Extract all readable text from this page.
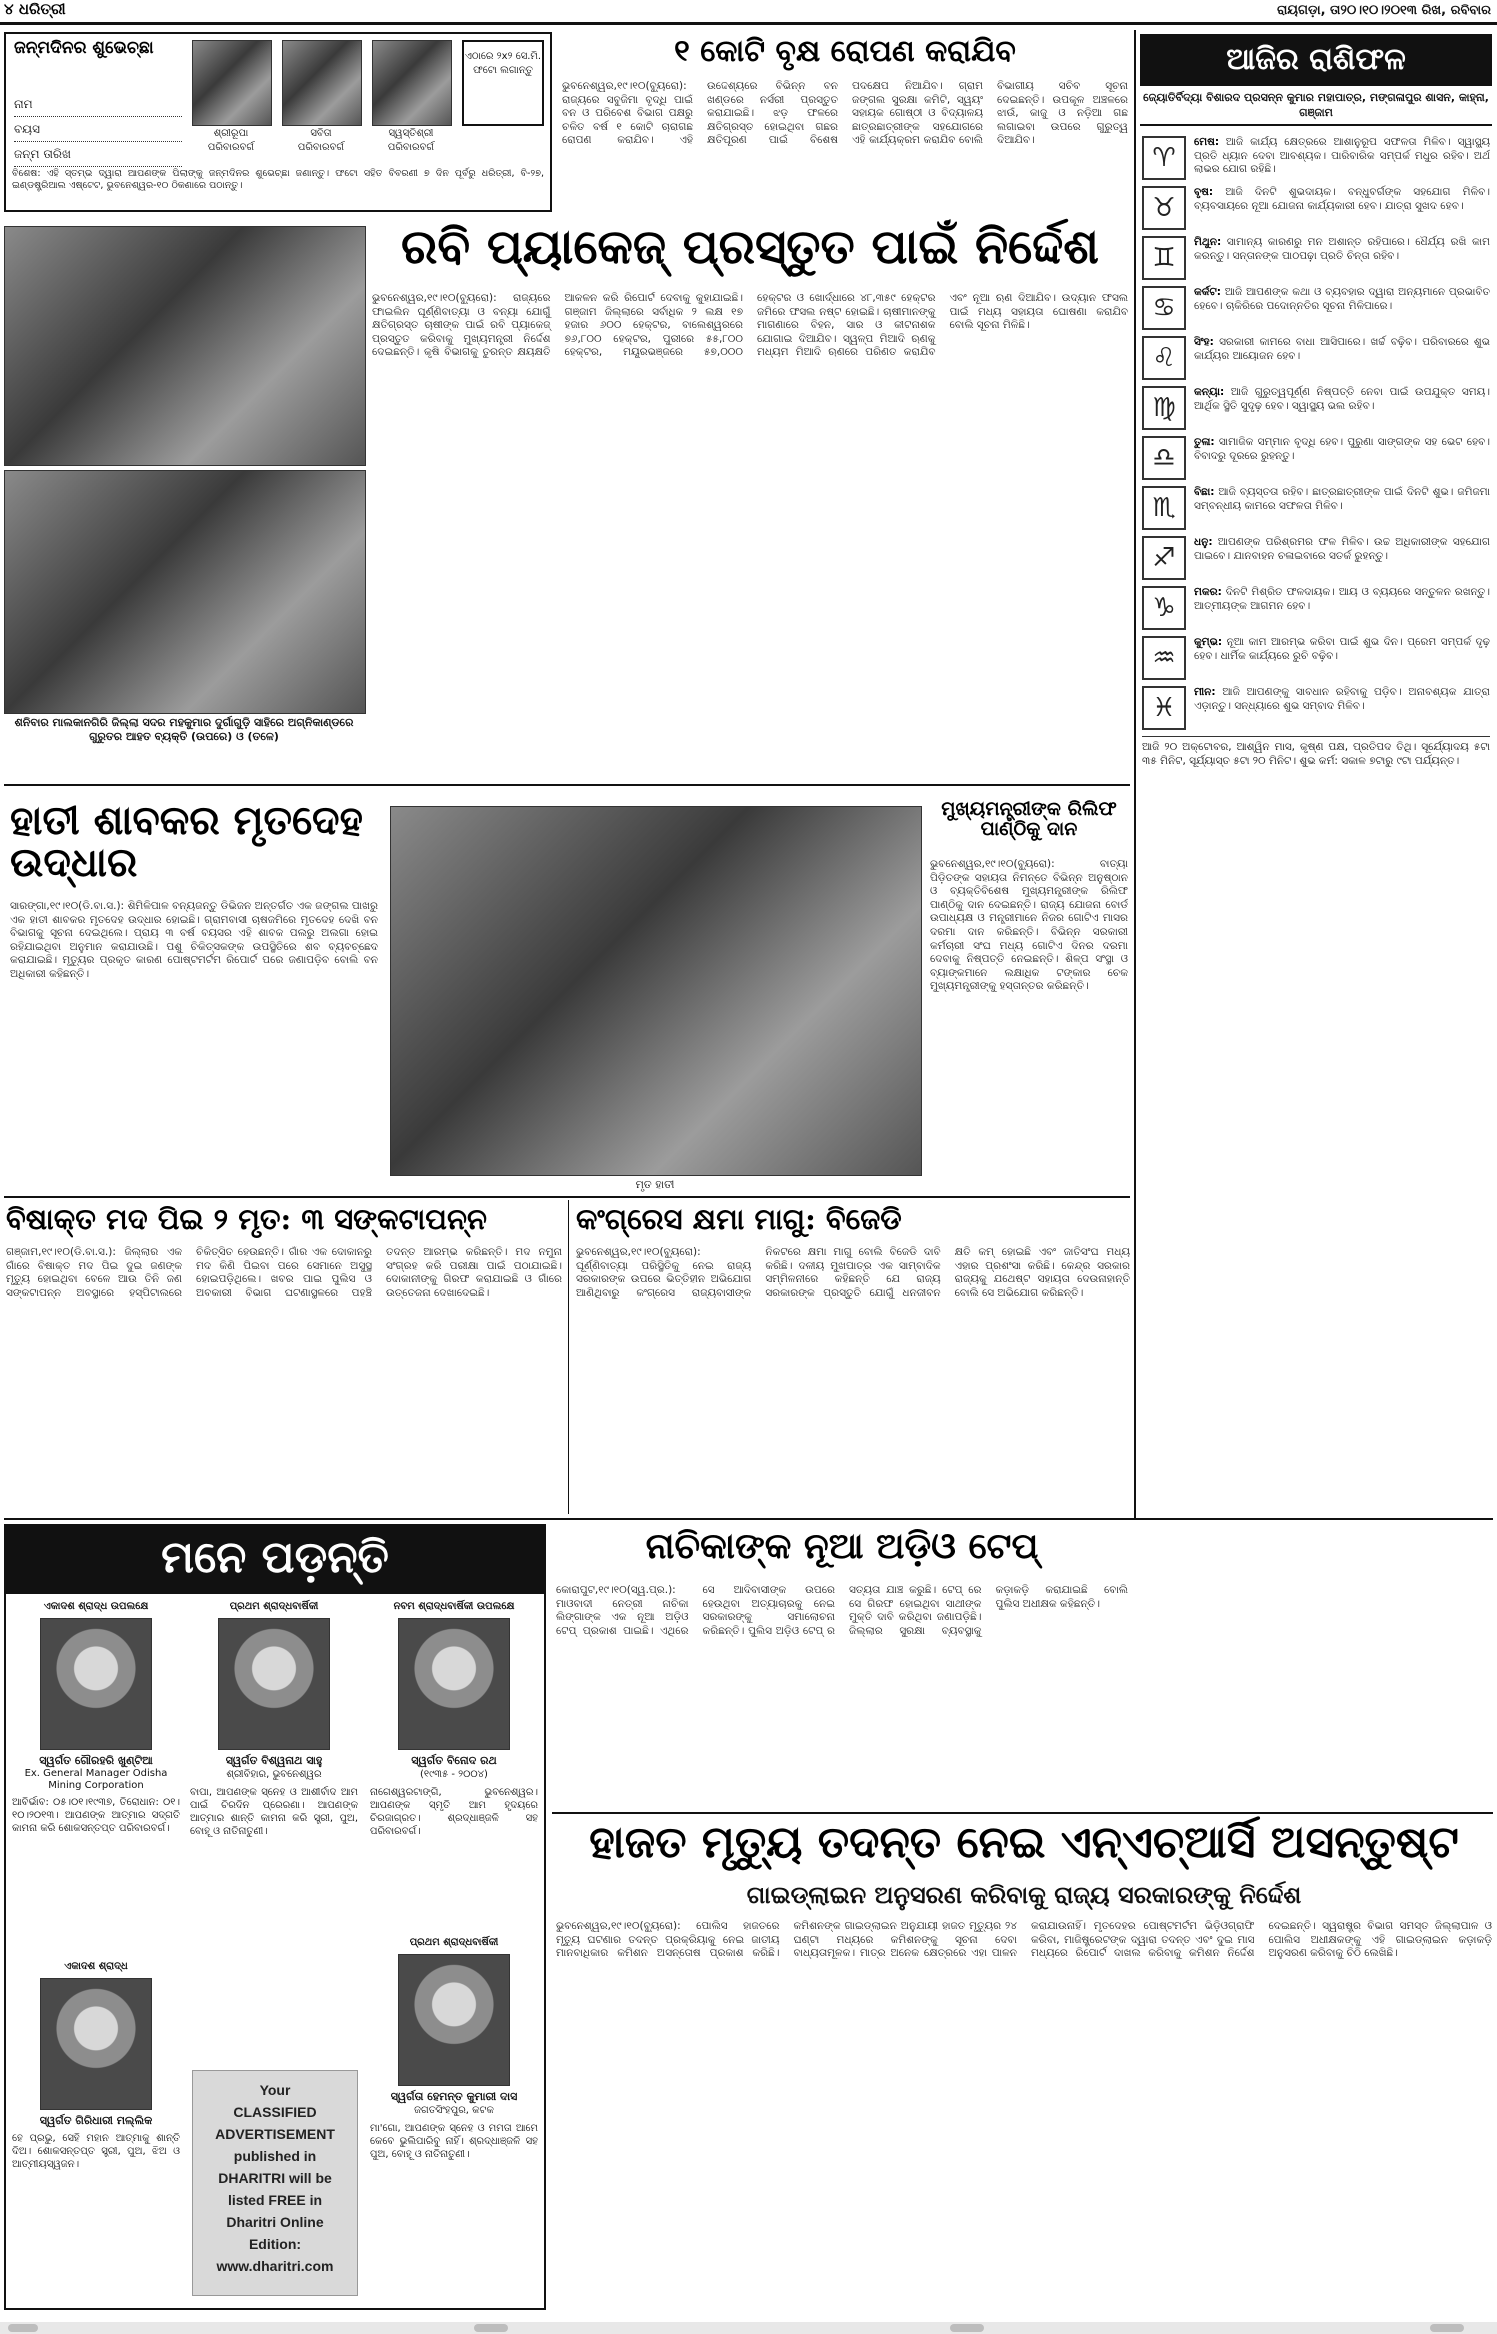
୪ ଧରିତ୍ରୀ	ରାୟଗଡ଼ା, ତା୨୦।୧୦।୨୦୧୩ ରିଖ, ରବିବାର
ଜନ୍ମଦିନର ଶୁଭେଚ୍ଛା
ନାମ
ବୟସ
ଜନ୍ମ ତାରିଖ
ଶ୍ରୀରୂପା
ପରିବାରବର୍ଗ
ସବିତା
ପରିବାରବର୍ଗ
ସ୍ୱସ୍ତିଶ୍ରୀ
ପରିବାରବର୍ଗ
ଏଠାରେ ୨x୨ ସେ.ମି. ଫଟୋ ଲଗାନ୍ତୁ
ବିଶେଷ: ଏହି ସ୍ତମ୍ଭ ଦ୍ୱାରା ଆପଣଙ୍କ ପିଲାଙ୍କୁ ଜନ୍ମଦିନର ଶୁଭେଚ୍ଛା ଜଣାନ୍ତୁ। ଫଟୋ ସହିତ ବିବରଣୀ ୭ ଦିନ ପୂର୍ବରୁ ଧରିତ୍ରୀ, ବି-୨୭, ଇଣ୍ଡଷ୍ଟ୍ରିଆଲ ଏଷ୍ଟେଟ, ଭୁବନେଶ୍ୱର-୧୦ ଠିକଣାରେ ପଠାନ୍ତୁ।
୧ କୋଟି ବୃକ୍ଷ ରୋପଣ କରାଯିବ
ଭୁବନେଶ୍ୱର,୧୯।୧୦(ବ୍ୟୁରୋ): ରାଜ୍ୟରେ ସବୁଜିମା ବୃଦ୍ଧି ପାଇଁ ବନ ଓ ପରିବେଶ ବିଭାଗ ପକ୍ଷରୁ ଚଳିତ ବର୍ଷ ୧ କୋଟି ଚାରାଗଛ ରୋପଣ କରାଯିବ। ଏହି ଉଦ୍ଦେଶ୍ୟରେ ବିଭିନ୍ନ ବନ ଖଣ୍ଡରେ ନର୍ସରୀ ପ୍ରସ୍ତୁତ କରାଯାଇଛି। ଝଡ଼ ଫଳରେ କ୍ଷତିଗ୍ରସ୍ତ ହୋଇଥିବା ଗଛର କ୍ଷତିପୂରଣ ପାଇଁ ବିଶେଷ ପଦକ୍ଷେପ ନିଆଯିବ। ଗ୍ରାମ ଜଙ୍ଗଲ ସୁରକ୍ଷା କମିଟି, ସ୍ୱୟଂ ସହାୟକ ଗୋଷ୍ଠୀ ଓ ବିଦ୍ୟାଳୟ ଛାତ୍ରଛାତ୍ରୀଙ୍କ ସହଯୋଗରେ ଏହି କାର୍ଯ୍ୟକ୍ରମ କରାଯିବ ବୋଲି ବିଭାଗୀୟ ସଚିବ ସୂଚନା ଦେଇଛନ୍ତି। ଉପକୂଳ ଅଞ୍ଚଳରେ ଝାଉଁ, କାଜୁ ଓ ନଡ଼ିଆ ଗଛ ଲଗାଇବା ଉପରେ ଗୁରୁତ୍ୱ ଦିଆଯିବ।
ଶନିବାର ମାଲକାନଗିରି ଜିଲ୍ଲା ସଦର ମହକୁମାର ଦୁର୍ଗାଗୁଡ଼ି ସାହିରେ ଅଗ୍ନିକାଣ୍ଡରେ ଗୁରୁତର ଆହତ ବ୍ୟକ୍ତି (ଉପରେ) ଓ (ତଳେ)
ରବି ପ୍ୟାକେଜ୍ ପ୍ରସ୍ତୁତ ପାଇଁ ନିର୍ଦ୍ଦେଶ
ଭୁବନେଶ୍ୱର,୧୯।୧୦(ବ୍ୟୁରୋ): ରାଜ୍ୟରେ ଫାଇଲିନ ଘୂର୍ଣ୍ଣିବାତ୍ୟା ଓ ବନ୍ୟା ଯୋଗୁଁ କ୍ଷତିଗ୍ରସ୍ତ ଚାଷୀଙ୍କ ପାଇଁ ରବି ପ୍ୟାକେଜ୍ ପ୍ରସ୍ତୁତ କରିବାକୁ ମୁଖ୍ୟମନ୍ତ୍ରୀ ନିର୍ଦ୍ଦେଶ ଦେଇଛନ୍ତି। କୃଷି ବିଭାଗକୁ ତୁରନ୍ତ କ୍ଷୟକ୍ଷତି ଆକଳନ କରି ରିପୋର୍ଟ ଦେବାକୁ କୁହାଯାଇଛି। ଗଞ୍ଜାମ ଜିଲ୍ଲାରେ ସର୍ବାଧିକ ୨ ଲକ୍ଷ ୧୭ ହଜାର ୬୦୦ ହେକ୍ଟର, ବାଲେଶ୍ୱରରେ ୭୬,୮୦୦ ହେକ୍ଟର, ପୁରୀରେ ୫୫,୮୦୦ ହେକ୍ଟର, ମୟୂରଭଞ୍ଜରେ ୫୭,୦୦୦ ହେକ୍ଟର ଓ ଖୋର୍ଦ୍ଧାରେ ୪୮,୩୫୯ ହେକ୍ଟର ଜମିରେ ଫସଲ ନଷ୍ଟ ହୋଇଛି। ଚାଷୀମାନଙ୍କୁ ମାଗଣାରେ ବିହନ, ସାର ଓ କୀଟନାଶକ ଯୋଗାଇ ଦିଆଯିବ। ସ୍ୱଳ୍ପ ମିଆଦି ଋଣକୁ ମଧ୍ୟମ ମିଆଦି ଋଣରେ ପରିଣତ କରାଯିବ ଏବଂ ନୂଆ ଋଣ ଦିଆଯିବ। ଉଦ୍ୟାନ ଫସଲ ପାଇଁ ମଧ୍ୟ ସହାୟତା ଘୋଷଣା କରାଯିବ ବୋଲି ସୂଚନା ମିଳିଛି।
ହାତୀ ଶାବକର ମୃତଦେହ ଉଦ୍ଧାର
ସାରଙ୍ଗା,୧୯।୧୦(ଡି.ବା.ସ.): ଶିମିଳିପାଳ ବନ୍ୟଜନ୍ତୁ ଡିଭିଜନ ଅନ୍ତର୍ଗତ ଏକ ଜଙ୍ଗଲ ପାଖରୁ ଏକ ହାତୀ ଶାବକର ମୃତଦେହ ଉଦ୍ଧାର ହୋଇଛି। ଗ୍ରାମବାସୀ ଚାଷଜମିରେ ମୃତଦେହ ଦେଖି ବନ ବିଭାଗକୁ ସୂଚନା ଦେଇଥିଲେ। ପ୍ରାୟ ୩ ବର୍ଷ ବୟସର ଏହି ଶାବକ ପଲରୁ ଅଲଗା ହୋଇ ରହିଯାଇଥିବା ଅନୁମାନ କରାଯାଉଛି। ପଶୁ ଚିକିତ୍ସକଙ୍କ ଉପସ୍ଥିତିରେ ଶବ ବ୍ୟବଚ୍ଛେଦ କରାଯାଇଛି। ମୃତ୍ୟୁର ପ୍ରକୃତ କାରଣ ପୋଷ୍ଟମର୍ଟମ ରିପୋର୍ଟ ପରେ ଜଣାପଡ଼ିବ ବୋଲି ବନ ଅଧିକାରୀ କହିଛନ୍ତି।
ମୃତ ହାତୀ
ମୁଖ୍ୟମନ୍ତ୍ରୀଙ୍କ ରିଲିଫ ପାଣ୍ଠିକୁ ଦାନ
ଭୁବନେଶ୍ୱର,୧୯।୧୦(ବ୍ୟୁରୋ): ବାତ୍ୟା ପିଡ଼ିତଙ୍କ ସହାୟତା ନିମନ୍ତେ ବିଭିନ୍ନ ଅନୁଷ୍ଠାନ ଓ ବ୍ୟକ୍ତିବିଶେଷ ମୁଖ୍ୟମନ୍ତ୍ରୀଙ୍କ ରିଲିଫ ପାଣ୍ଠିକୁ ଦାନ ଦେଇଛନ୍ତି। ରାଜ୍ୟ ଯୋଜନା ବୋର୍ଡ ଉପାଧ୍ୟକ୍ଷ ଓ ମନ୍ତ୍ରୀମାନେ ନିଜର ଗୋଟିଏ ମାସର ଦରମା ଦାନ କରିଛନ୍ତି। ବିଭିନ୍ନ ସରକାରୀ କର୍ମଚାରୀ ସଂଘ ମଧ୍ୟ ଗୋଟିଏ ଦିନର ଦରମା ଦେବାକୁ ନିଷ୍ପତ୍ତି ନେଇଛନ୍ତି। ଶିଳ୍ପ ସଂସ୍ଥା ଓ ବ୍ୟାଙ୍କମାନେ ଲକ୍ଷାଧିକ ଟଙ୍କାର ଚେକ ମୁଖ୍ୟମନ୍ତ୍ରୀଙ୍କୁ ହସ୍ତାନ୍ତର କରିଛନ୍ତି।
ବିଷାକ୍ତ ମଦ ପିଇ ୨ ମୃତ: ୩ ସଙ୍କଟାପନ୍ନ
ଗଞ୍ଜାମ,୧୯।୧୦(ଡି.ବା.ସ.): ଜିଲ୍ଲାର ଏକ ଗାଁରେ ବିଷାକ୍ତ ମଦ ପିଇ ଦୁଇ ଜଣଙ୍କ ମୃତ୍ୟୁ ହୋଇଥିବା ବେଳେ ଆଉ ତିନି ଜଣ ସଙ୍କଟାପନ୍ନ ଅବସ୍ଥାରେ ହସ୍ପିଟାଲରେ ଚିକିତ୍ସିତ ହେଉଛନ୍ତି। ଗାଁର ଏକ ଦୋକାନରୁ ମଦ କିଣି ପିଇବା ପରେ ସେମାନେ ଅସୁସ୍ଥ ହୋଇପଡ଼ିଥିଲେ। ଖବର ପାଇ ପୁଲିସ ଓ ଅବକାରୀ ବିଭାଗ ଘଟଣାସ୍ଥଳରେ ପହଞ୍ଚି ତଦନ୍ତ ଆରମ୍ଭ କରିଛନ୍ତି। ମଦ ନମୁନା ସଂଗ୍ରହ କରି ପରୀକ୍ଷା ପାଇଁ ପଠାଯାଇଛି। ଦୋକାନୀଙ୍କୁ ଗିରଫ କରାଯାଇଛି ଓ ଗାଁରେ ଉତ୍ତେଜନା ଦେଖାଦେଇଛି।
କଂଗ୍ରେସ କ୍ଷମା ମାଗୁ: ବିଜେଡି
ଭୁବନେଶ୍ୱର,୧୯।୧୦(ବ୍ୟୁରୋ): ଘୂର୍ଣ୍ଣିବାତ୍ୟା ପରିସ୍ଥିତିକୁ ନେଇ ରାଜ୍ୟ ସରକାରଙ୍କ ଉପରେ ଭିତ୍ତିହୀନ ଅଭିଯୋଗ ଆଣିଥିବାରୁ କଂଗ୍ରେସ ରାଜ୍ୟବାସୀଙ୍କ ନିକଟରେ କ୍ଷମା ମାଗୁ ବୋଲି ବିଜେଡି ଦାବି କରିଛି। ଦଳୀୟ ମୁଖପାତ୍ର ଏକ ସାମ୍ବାଦିକ ସମ୍ମିଳନୀରେ କହିଛନ୍ତି ଯେ ରାଜ୍ୟ ସରକାରଙ୍କ ପ୍ରସ୍ତୁତି ଯୋଗୁଁ ଧନଜୀବନ କ୍ଷତି କମ୍ ହୋଇଛି ଏବଂ ଜାତିସଂଘ ମଧ୍ୟ ଏହାର ପ୍ରଶଂସା କରିଛି। କେନ୍ଦ୍ର ସରକାର ରାଜ୍ୟକୁ ଯଥେଷ୍ଟ ସହାୟତା ଦେଉନାହାନ୍ତି ବୋଲି ସେ ଅଭିଯୋଗ କରିଛନ୍ତି।
ମନେ ପଡ଼ନ୍ତି
ଏକାଦଶ ଶ୍ରାଦ୍ଧ ଉପଲକ୍ଷେ
ସ୍ୱର୍ଗତ ଗୌରହରି ଖୁଣ୍ଟିଆ
Ex. General Manager Odisha Mining Corporation
ଆବିର୍ଭାବ: ୦୫।୦୧।୧୯୩୭, ତିରୋଧାନ: ୦୧।୧୦।୨୦୧୩। ଆପଣଙ୍କ ଆତ୍ମାର ସଦ୍ଗତି କାମନା କରି ଶୋକସନ୍ତପ୍ତ ପରିବାରବର୍ଗ।
ପ୍ରଥମ ଶ୍ରାଦ୍ଧବାର୍ଷିକୀ
ସ୍ୱର୍ଗତ ବିଶ୍ୱନାଥ ସାହୁ
ଶ୍ରୀବିହାର, ଭୁବନେଶ୍ୱର
ବାପା, ଆପଣଙ୍କ ସ୍ନେହ ଓ ଆଶୀର୍ବାଦ ଆମ ପାଇଁ ଚିରଦିନ ପ୍ରେରଣା। ଆପଣଙ୍କ ଆତ୍ମାର ଶାନ୍ତି କାମନା କରି ସ୍ତ୍ରୀ, ପୁଅ, ବୋହୂ ଓ ନାତିନାତୁଣୀ।
ନବମ ଶ୍ରାଦ୍ଧବାର୍ଷିକୀ ଉପଲକ୍ଷେ
ସ୍ୱର୍ଗତ ବିନୋଦ ରଥ
(୧୯୩୫ - ୨୦୦୪)
ନାଗେଶ୍ୱରଟାଙ୍ଗି, ଭୁବନେଶ୍ୱର। ଆପଣଙ୍କ ସ୍ମୃତି ଆମ ହୃଦୟରେ ଚିରଜାଗ୍ରତ। ଶ୍ରଦ୍ଧାଞ୍ଜଳି ସହ ପରିବାରବର୍ଗ।
ଏକାଦଶ ଶ୍ରାଦ୍ଧ
ସ୍ୱର୍ଗତ ଗିରିଧାରୀ ମଲ୍ଲିକ
ହେ ପ୍ରଭୁ, ସେହି ମହାନ ଆତ୍ମାକୁ ଶାନ୍ତି ଦିଅ। ଶୋକସନ୍ତପ୍ତ ସ୍ତ୍ରୀ, ପୁଅ, ଝିଅ ଓ ଆତ୍ମୀୟସ୍ୱଜନ।
Your
CLASSIFIED
ADVERTISEMENT
published in
DHARITRI will be
listed FREE in
Dharitri Online
Edition:
www.dharitri.com
ପ୍ରଥମ ଶ୍ରାଦ୍ଧବାର୍ଷିକୀ
ସ୍ୱର୍ଗତା ହେମନ୍ତ କୁମାରୀ ଦାସ
ଜଗତସିଂହପୁର, କଟକ
ମା'ଗୋ, ଆପଣଙ୍କ ସ୍ନେହ ଓ ମମତା ଆମେ କେବେ ଭୁଲିପାରିବୁ ନାହିଁ। ଶ୍ରଦ୍ଧାଞ୍ଜଳି ସହ ପୁଅ, ବୋହୂ ଓ ନାତିନାତୁଣୀ।
ନାଚିକାଙ୍କ ନୂଆ ଅଡ଼ିଓ ଟେପ୍
କୋରାପୁଟ,୧୯।୧୦(ସ୍ୱ.ପ୍ର.): ମାଓବାଦୀ ନେତ୍ରୀ ନାଚିକା ଲିଙ୍ଗାଙ୍କ ଏକ ନୂଆ ଅଡ଼ିଓ ଟେପ୍ ପ୍ରକାଶ ପାଇଛି। ଏଥିରେ ସେ ଆଦିବାସୀଙ୍କ ଉପରେ ହେଉଥିବା ଅତ୍ୟାଚାରକୁ ନେଇ ସରକାରଙ୍କୁ ସମାଲୋଚନା କରିଛନ୍ତି। ପୁଲିସ ଅଡ଼ିଓ ଟେପ୍ ର ସତ୍ୟତା ଯାଞ୍ଚ କରୁଛି। ଟେପ୍ ରେ ସେ ଗିରଫ ହୋଇଥିବା ସାଥୀଙ୍କ ମୁକ୍ତି ଦାବି କରିଥିବା ଜଣାପଡ଼ିଛି। ଜିଲ୍ଲାର ସୁରକ୍ଷା ବ୍ୟବସ୍ଥାକୁ କଡ଼ାକଡ଼ି କରାଯାଇଛି ବୋଲି ପୁଲିସ ଅଧୀକ୍ଷକ କହିଛନ୍ତି।
ହାଜତ ମୃତ୍ୟୁ ତଦନ୍ତ ନେଇ ଏନ୍ଏଚ୍ଆର୍ସି ଅସନ୍ତୁଷ୍ଟ
ଗାଇଡ୍ଲାଇନ ଅନୁସରଣ କରିବାକୁ ରାଜ୍ୟ ସରକାରଙ୍କୁ ନିର୍ଦ୍ଦେଶ
ଭୁବନେଶ୍ୱର,୧୯।୧୦(ବ୍ୟୁରୋ): ପୋଲିସ ହାଜତରେ ମୃତ୍ୟୁ ଘଟଣାର ତଦନ୍ତ ପ୍ରକ୍ରିୟାକୁ ନେଇ ଜାତୀୟ ମାନବାଧିକାର କମିଶନ ଅସନ୍ତୋଷ ପ୍ରକାଶ କରିଛି। କମିଶନଙ୍କ ଗାଇଡ୍ଲାଇନ ଅନୁଯାୟୀ ହାଜତ ମୃତ୍ୟୁର ୨୪ ଘଣ୍ଟା ମଧ୍ୟରେ କମିଶନଙ୍କୁ ସୂଚନା ଦେବା ବାଧ୍ୟତାମୂଳକ। ମାତ୍ର ଅନେକ କ୍ଷେତ୍ରରେ ଏହା ପାଳନ କରାଯାଉନାହିଁ। ମୃତଦେହର ପୋଷ୍ଟମର୍ଟମ ଭିଡ଼ିଓଗ୍ରାଫି କରିବା, ମାଜିଷ୍ଟ୍ରେଟଙ୍କ ଦ୍ୱାରା ତଦନ୍ତ ଏବଂ ଦୁଇ ମାସ ମଧ୍ୟରେ ରିପୋର୍ଟ ଦାଖଲ କରିବାକୁ କମିଶନ ନିର୍ଦ୍ଦେଶ ଦେଇଛନ୍ତି। ସ୍ୱରାଷ୍ଟ୍ର ବିଭାଗ ସମସ୍ତ ଜିଲ୍ଲାପାଳ ଓ ପୋଲିସ ଅଧୀକ୍ଷକଙ୍କୁ ଏହି ଗାଇଡ୍ଲାଇନ କଡ଼ାକଡ଼ି ଅନୁସରଣ କରିବାକୁ ଚିଠି ଲେଖିଛି।
ଆଜିର ରାଶିଫଳ
ଜ୍ୟୋତିର୍ବିଦ୍ୟା ବିଶାରଦ ପ୍ରସନ୍ନ କୁମାର ମହାପାତ୍ର, ମଙ୍ଗଳାପୁର ଶାସନ, କାହ୍ନା, ଗଞ୍ଜାମ
♈
ମେଷ: ଆଜି କାର୍ଯ୍ୟ କ୍ଷେତ୍ରରେ ଆଶାନୁରୂପ ସଫଳତା ମିଳିବ। ସ୍ୱାସ୍ଥ୍ୟ ପ୍ରତି ଧ୍ୟାନ ଦେବା ଆବଶ୍ୟକ। ପାରିବାରିକ ସମ୍ପର୍କ ମଧୁର ରହିବ। ଅର୍ଥ ଲାଭର ଯୋଗ ରହିଛି।
♉
ବୃଷ: ଆଜି ଦିନଟି ଶୁଭଦାୟକ। ବନ୍ଧୁବର୍ଗଙ୍କ ସହଯୋଗ ମିଳିବ। ବ୍ୟବସାୟରେ ନୂଆ ଯୋଜନା କାର୍ଯ୍ୟକାରୀ ହେବ। ଯାତ୍ରା ସୁଖଦ ହେବ।
♊
ମିଥୁନ: ସାମାନ୍ୟ କାରଣରୁ ମନ ଅଶାନ୍ତ ରହିପାରେ। ଧୈର୍ଯ୍ୟ ରଖି କାମ କରନ୍ତୁ। ସନ୍ତାନଙ୍କ ପାଠପଢ଼ା ପ୍ରତି ଚିନ୍ତା ରହିବ।
♋
କର୍କଟ: ଆଜି ଆପଣଙ୍କ କଥା ଓ ବ୍ୟବହାର ଦ୍ୱାରା ଅନ୍ୟମାନେ ପ୍ରଭାବିତ ହେବେ। ଚାକିରିରେ ପଦୋନ୍ନତିର ସୂଚନା ମିଳିପାରେ।
♌
ସିଂହ: ସରକାରୀ କାମରେ ବାଧା ଆସିପାରେ। ଖର୍ଚ୍ଚ ବଢ଼ିବ। ପରିବାରରେ ଶୁଭ କାର୍ଯ୍ୟର ଆୟୋଜନ ହେବ।
♍
କନ୍ୟା: ଆଜି ଗୁରୁତ୍ୱପୂର୍ଣ୍ଣ ନିଷ୍ପତ୍ତି ନେବା ପାଇଁ ଉପଯୁକ୍ତ ସମୟ। ଆର୍ଥିକ ସ୍ଥିତି ସୁଦୃଢ଼ ହେବ। ସ୍ୱାସ୍ଥ୍ୟ ଭଲ ରହିବ।
♎
ତୁଳା: ସାମାଜିକ ସମ୍ମାନ ବୃଦ୍ଧି ହେବ। ପୁରୁଣା ସାଙ୍ଗଙ୍କ ସହ ଭେଟ ହେବ। ବିବାଦରୁ ଦୂରରେ ରୁହନ୍ତୁ।
♏
ବିଛା: ଆଜି ବ୍ୟସ୍ତତା ରହିବ। ଛାତ୍ରଛାତ୍ରୀଙ୍କ ପାଇଁ ଦିନଟି ଶୁଭ। ଜମିଜମା ସମ୍ବନ୍ଧୀୟ କାମରେ ସଫଳତା ମିଳିବ।
♐
ଧନୁ: ଆପଣଙ୍କ ପରିଶ୍ରମର ଫଳ ମିଳିବ। ଉଚ୍ଚ ଅଧିକାରୀଙ୍କ ସହଯୋଗ ପାଇବେ। ଯାନବାହନ ଚଳାଇବାରେ ସତର୍କ ରୁହନ୍ତୁ।
♑
ମକର: ଦିନଟି ମିଶ୍ରିତ ଫଳଦାୟକ। ଆୟ ଓ ବ୍ୟୟରେ ସନ୍ତୁଳନ ରଖନ୍ତୁ। ଆତ୍ମୀୟଙ୍କ ଆଗମନ ହେବ।
♒
କୁମ୍ଭ: ନୂଆ କାମ ଆରମ୍ଭ କରିବା ପାଇଁ ଶୁଭ ଦିନ। ପ୍ରେମ ସମ୍ପର୍କ ଦୃଢ଼ ହେବ। ଧାର୍ମିକ କାର୍ଯ୍ୟରେ ରୁଚି ବଢ଼ିବ।
♓
ମୀନ: ଆଜି ଆପଣଙ୍କୁ ସାବଧାନ ରହିବାକୁ ପଡ଼ିବ। ଅନାବଶ୍ୟକ ଯାତ୍ରା ଏଡ଼ାନ୍ତୁ। ସନ୍ଧ୍ୟାରେ ଶୁଭ ସମ୍ବାଦ ମିଳିବ।
ଆଜି ୨୦ ଅକ୍ଟୋବର, ଆଶ୍ୱିନ ମାସ, କୃଷ୍ଣ ପକ୍ଷ, ପ୍ରତିପଦ ତିଥି। ସୂର୍ଯ୍ୟୋଦୟ ୫ଟା ୩୫ ମିନିଟ, ସୂର୍ଯ୍ୟାସ୍ତ ୫ଟା ୨୦ ମିନିଟ। ଶୁଭ କର୍ମ: ସକାଳ ୭ଟାରୁ ୯ଟା ପର୍ଯ୍ୟନ୍ତ।
